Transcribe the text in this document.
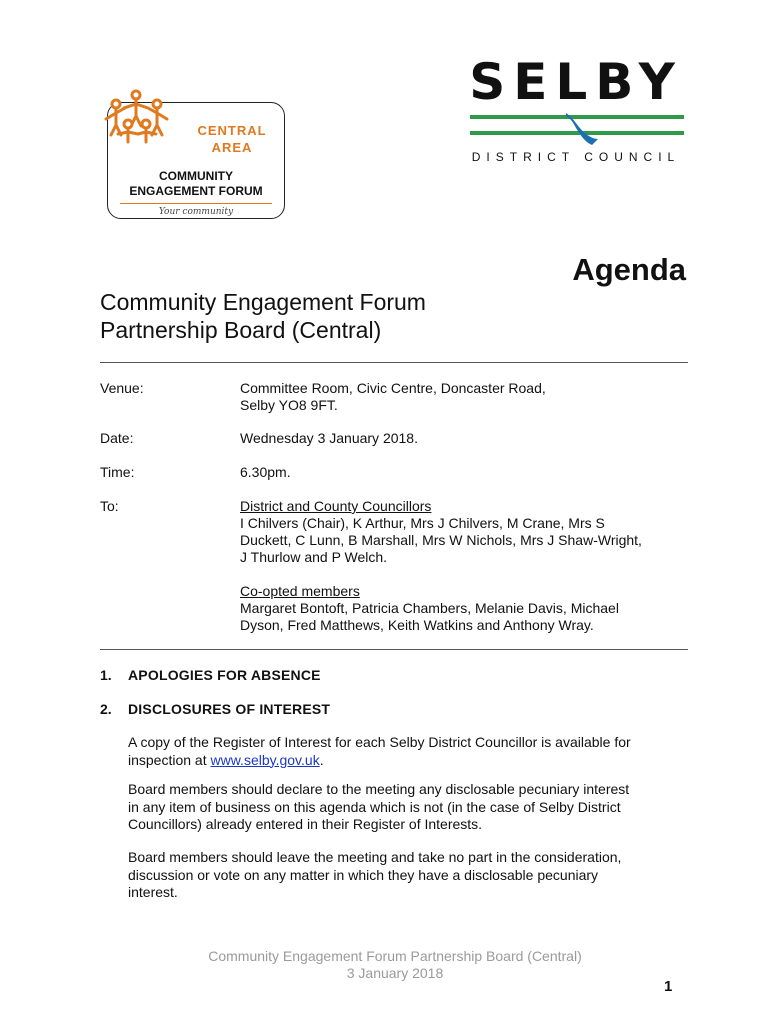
CENTRAL
AREA
COMMUNITY
ENGAGEMENT FORUM
Your community
SELBY
DISTRICT COUNCIL
Agenda
Community Engagement Forum
Partnership Board (Central)
Venue:	Committee Room, Civic Centre, Doncaster Road,
Selby YO8 9FT.
Date:	Wednesday 3 January 2018.
Time:	6.30pm.
To:	District and County Councillors
I Chilvers (Chair), K Arthur, Mrs J Chilvers, M Crane, Mrs S
Duckett, C Lunn, B Marshall, Mrs W Nichols, Mrs J Shaw-Wright,
J Thurlow and P Welch.
Co-opted members
Margaret Bontoft, Patricia Chambers, Melanie Davis, Michael
Dyson, Fred Matthews, Keith Watkins and Anthony Wray.
1. APOLOGIES FOR ABSENCE
2. DISCLOSURES OF INTEREST
A copy of the Register of Interest for each Selby District Councillor is available for
inspection at www.selby.gov.uk.
Board members should declare to the meeting any disclosable pecuniary interest
in any item of business on this agenda which is not (in the case of Selby District
Councillors) already entered in their Register of Interests.
Board members should leave the meeting and take no part in the consideration,
discussion or vote on any matter in which they have a disclosable pecuniary
interest.
Community Engagement Forum Partnership Board (Central)
3 January 2018
1
